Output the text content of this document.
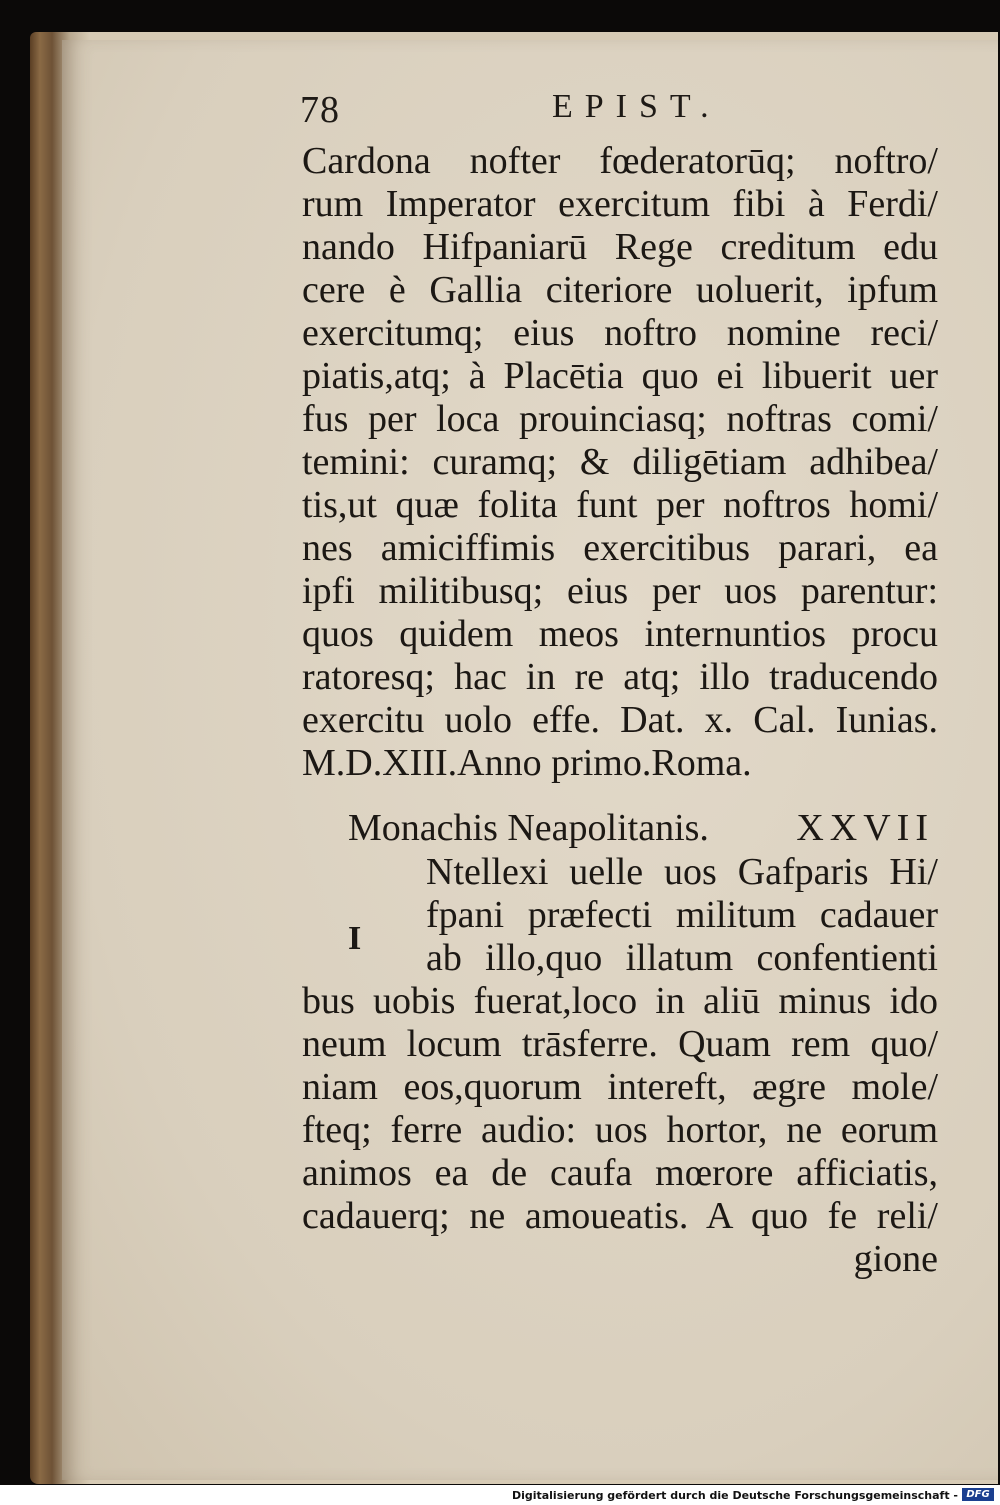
78	EPIST.
Cardona nofter fœderatorūq; noftro/
rum Imperator exercitum fibi à Ferdi/
nando Hifpaniarū Rege creditum edu
cere è Gallia citeriore uoluerit, ipfum
exercitumq; eius noftro nomine reci/
piatis,atq; à Placētia quo ei libuerit uer
fus per loca prouinciasq; noftras comi/
temini: curamq; & diligētiam adhibea/
tis,ut quæ folita funt per noftros homi/
nes amiciffimis exercitibus parari, ea
ipfi militibusq; eius per uos parentur:
quos quidem meos internuntios procu
ratoresq; hac in re atq; illo traducendo
exercitu uolo effe. Dat. x. Cal. Iunias.
M.D.XIII.Anno primo.Roma.
Monachis Neapolitanis. XXVII
Ntellexi uelle uos Gafparis Hi/
fpani præfecti militum cadauer
ab illo,quo illatum confentienti
bus uobis fuerat,loco in aliū minus ido
neum locum trāsferre. Quam rem quo/
niam eos,quorum intereft, ægre mole/
fteq; ferre audio: uos hortor, ne eorum
animos ea de caufa mœrore afficiatis,
cadauerq; ne amoueatis. A quo fe reli/
gione
I
Digitalisierung gefördert durch die Deutsche Forschungsgemeinschaft - DFG
